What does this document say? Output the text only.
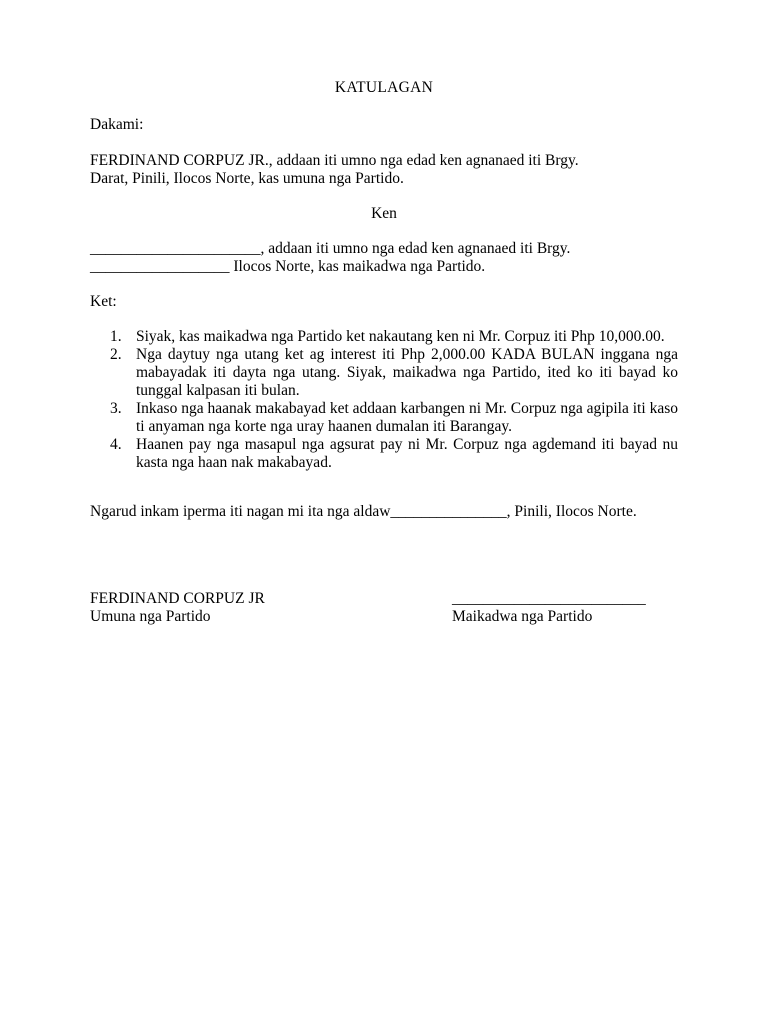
KATULAGAN
Dakami:
FERDINAND CORPUZ JR., addaan iti umno nga edad ken agnanaed iti Brgy.
Darat, Pinili, Ilocos Norte, kas umuna nga Partido.
Ken
______________________, addaan iti umno nga edad ken agnanaed iti Brgy.
__________________ Ilocos Norte, kas maikadwa nga Partido.
Ket:
1. Siyak, kas maikadwa nga Partido ket nakautang ken ni Mr. Corpuz iti Php 10,000.00.
2. Nga daytuy nga utang ket ag interest iti Php 2,000.00 KADA BULAN inggana nga mabayadak iti dayta nga utang. Siyak, maikadwa nga Partido, ited ko iti bayad ko tunggal kalpasan iti bulan.
3. Inkaso nga haanak makabayad ket addaan karbangen ni Mr. Corpuz nga agipila iti kaso ti anyaman nga korte nga uray haanen dumalan iti Barangay.
4. Haanen pay nga masapul nga agsurat pay ni Mr. Corpuz nga agdemand iti bayad nu kasta nga haan nak makabayad.
Ngarud inkam iperma iti nagan mi ita nga aldaw_______________, Pinili, Ilocos Norte.
FERDINAND CORPUZ JR
Umuna nga Partido
_________________________
Maikadwa nga Partido
